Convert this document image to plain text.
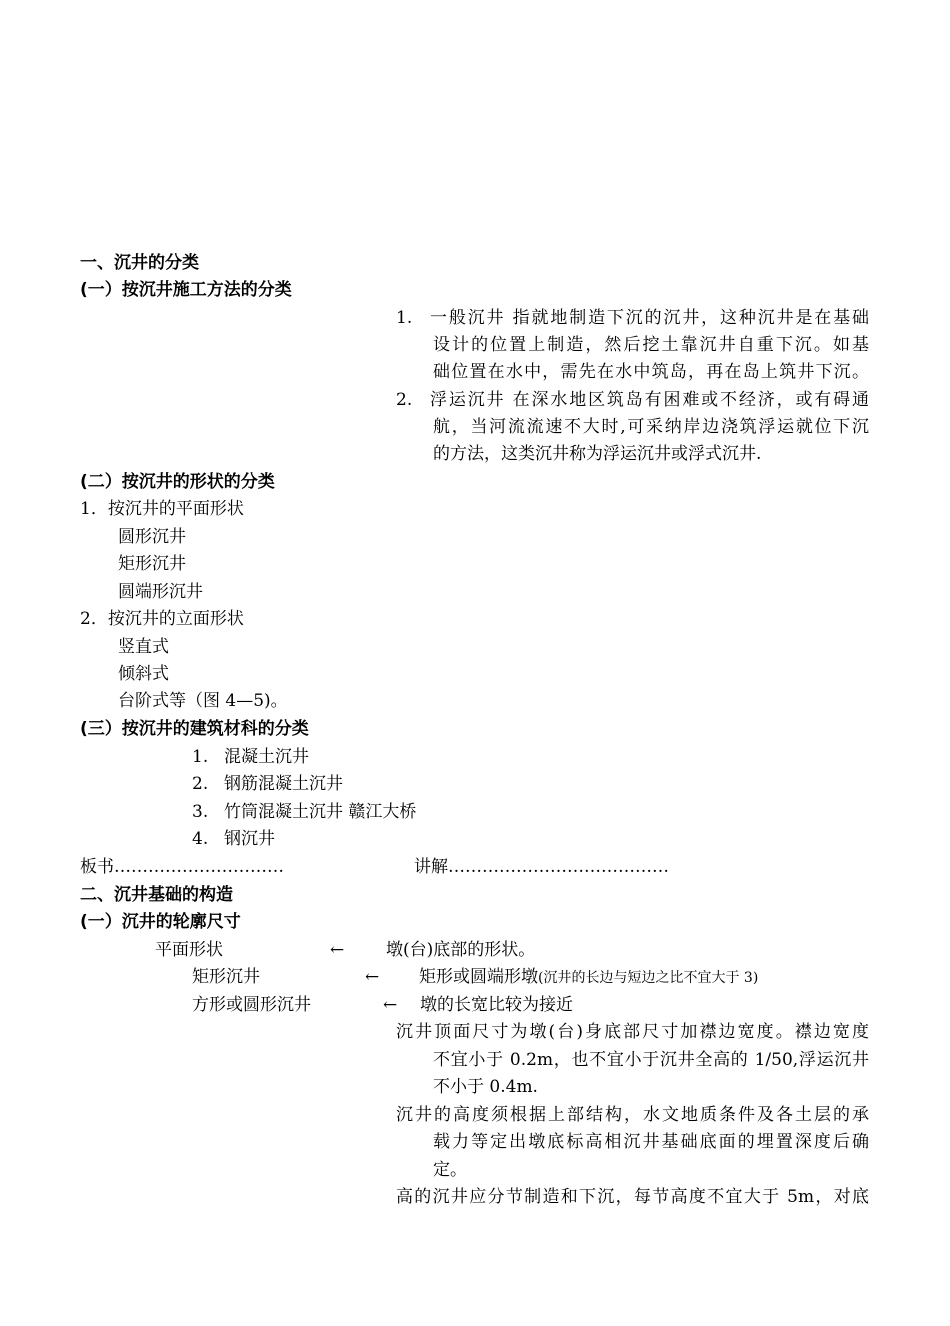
一、沉井的分类
(一）按沉井施工方法的分类
1. 一般沉井 指就地制造下沉的沉井，这种沉井是在基础
设计的位置上制造，然后挖土靠沉井自重下沉。如基
础位置在水中，需先在水中筑岛，再在岛上筑井下沉。
2. 浮运沉井 在深水地区筑岛有困难或不经济，或有碍通
航，当河流流速不大时,可采纳岸边浇筑浮运就位下沉
的方法，这类沉井称为浮运沉井或浮式沉井.
(二）按沉井的形状的分类
1．按沉井的平面形状
圆形沉井
矩形沉井
圆端形沉井
2．按沉井的立面形状
竖直式
倾斜式
台阶式等（图 4—5)。
(三）按沉井的建筑材科的分类
1. 混凝土沉井
2. 钢筋混凝土沉井
3. 竹筒混凝土沉井 赣江大桥
4. 钢沉井
板书…………………………	讲解…………………………………
二、沉井基础的构造
(一）沉井的轮廓尺寸
平面形状	← 墩(台)底部的形状。
矩形沉井	← 矩形或圆端形墩(沉井的长边与短边之比不宜大于 3)
方形或圆形沉井	← 墩的长宽比较为接近
沉井顶面尺寸为墩(台)身底部尺寸加襟边宽度。襟边宽度
不宜小于 0.2m，也不宜小于沉井全高的 1/50,浮运沉井
不小于 0.4m.
沉井的高度须根据上部结构，水文地质条件及各土层的承
载力等定出墩底标高相沉井基础底面的埋置深度后确
定。
高的沉井应分节制造和下沉，每节高度不宜大于 5m，对底
